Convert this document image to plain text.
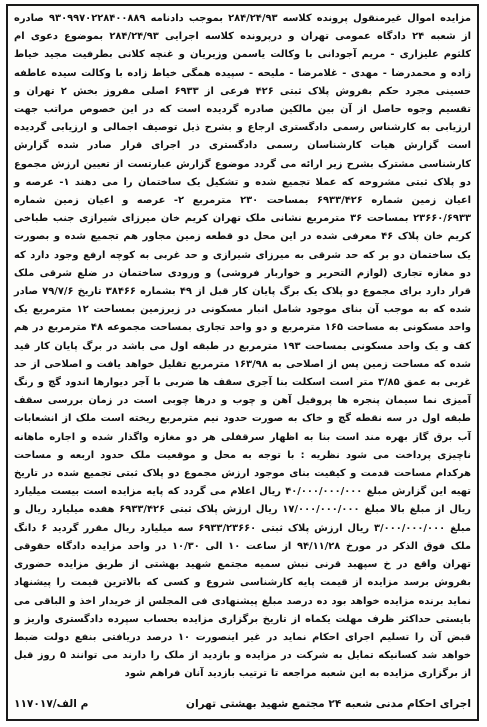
مزایده اموال غیرمنقول پرونده کلاسه ۲۸۴/۲۴/۹۳ بموجب دادنامه ۹۳۰۹۹۷۰۲۲۸۴۰۰۸۸۹ صادره از شعبه ۲۴ دادگاه عمومی تهران و درپرونده کلاسه اجرایی ۲۸۴/۲۴/۹۳ بموضوع دعوی ام کلثوم علیزاری - مریم آجودانی با وکالت یاسمن وزیریان و غنچه کلانی بطرفیت مجید خیاط زاده و محمدرضا - مهدی - غلامرضا - ملیحه - سپیده همگی خیاط زاده با وکالت سیده عاطفه حسینی مجرد حکم بفروش پلاک ثبتی ۴۲۶ فرعی از ۶۹۳۳ اصلی مفروز بخش ۲ تهران و تقسیم وجوه حاصل از آن بین مالکین صادره گردیده است که در این خصوص مراتب جهت ارزیابی به کارشناس رسمی دادگستری ارجاع و بشرح ذیل توصیف اجمالی و ارزیابی گردیده است گزارش هیات کارشناسان رسمی دادگستری در اجرای قرار صادر شده گزارش کارشناسی مشترک بشرح زیر ارائه می گردد موضوع گزارش عبارتست از تعیین ارزش مجموع دو پلاک ثبتی مشروحه که عملا تجمیع شده و تشکیل یک ساختمان را می دهند ۱- عرصه و اعیان زمین شماره ۶۹۳۳/۴۲۶ بمساحت ۲۳۰ مترمربع ۲- عرصه و اعیان زمین شماره ۲۳۶۶۰/۶۹۳۳ بمساحت ۳۶ مترمربع نشانی ملک تهران کریم خان میرزای شیرازی جنب طباخی کریم خان پلاک ۴۶ معرفی شده در این محل دو قطعه زمین مجاور هم تجمیع شده و بصورت یک ساختمان دو بر که حد شرقی به میرزای شیرازی و حد غربی به کوچه ارفع وجود دارد که دو مغازه تجاری (لوازم التحریر و خواربار فروشی) و ورودی ساختمان در ضلع شرقی ملک قرار دارد برای مجموع دو پلاک یک برگ پایان کار قبل از ۴۹ بشماره ۳۸۴۶۶ تاریخ ۷۹/۷/۶ صادر شده که به موجب آن بنای موجود شامل انبار مسکونی در زیرزمین بمساحت ۱۲ مترمربع یک واحد مسکونی به مساحت ۱۶۵ مترمربع و دو واحد تجاری بمساحت مجموعه ۴۸ مترمربع در هم کف و یک واحد مسکونی بمساحت ۱۹۳ مترمربع در طبقه اول می باشد در برگ پایان کار قید شده که مساحت زمین پس از اصلاحی به ۱۶۳/۹۸ مترمربع تقلیل خواهد یافت و اصلاحی از حد غربی به عمق ۳/۸۵ متر است اسکلت بنا آجری سقف ها ضربی با آجر دیوارها اندود گچ و رنگ آمیزی نما سیمان پنجره ها پروفیل آهن و چوب و درها چوبی است در زمان بررسی سقف طبقه اول در سه نقطه گچ و خاک به صورت حدود نیم مترمربع ریخته است ملک از انشعابات آب برق گاز بهره مند است بنا به اظهار سرقفلی هر دو مغازه واگذار شده و اجاره ماهانه ناچیزی پرداخت می شود نظریه : با توجه به محل و موقعیت ملک حدود اربعه و مساحت هرکدام مساحت قدمت و کیفیت بنای موجود ارزش مجموع دو پلاک ثبتی تجمیع شده در تاریخ تهیه این گزارش مبلغ ۴۰/۰۰۰/۰۰۰/۰۰۰ ریال اعلام می گردد که پایه مزایده است بیست میلیارد ریال از مبلغ بالا مبلغ ۱۷/۰۰۰/۰۰۰/۰۰۰ ریال ارزش پلاک ثبتی ۶۹۳۳/۴۲۶ هفده میلیارد ریال و مبلغ ۳/۰۰۰/۰۰۰/۰۰۰ ریال ارزش پلاک ثبتی ۶۹۳۳/۲۳۶۶۰ سه میلیارد ریال مقرر گردید ۶ دانگ ملک فوق الذکر در مورخ ۹۴/۱۱/۲۸ از ساعت ۱۰ الی ۱۰/۳۰ در واحد مزایده دادگاه حقوقی تهران واقع در خ سپهبد قرنی نبش سمیه مجتمع شهید بهشتی از طریق مزایده حضوری بفروش برسد مزایده از قیمت پایه کارشناسی شروع و کسی که بالاترین قیمت را پیشنهاد نماید برنده مزایده خواهد بود ده درصد مبلغ پیشنهادی فی المجلس از خریدار اخذ و الباقی می بایستی حداکثر ظرف مهلت یکماه از تاریخ برگزاری مزایده بحساب سپرده دادگستری واریز و قبض آن را تسلیم اجرای احکام نماید در غیر اینصورت ۱۰ درصد دریافتی بنفع دولت ضبط خواهد شد کسانیکه تمایل به شرکت در مزایده و بازدید از ملک را دارند می توانند ۵ روز قبل از برگزاری مزایده به این شعبه مراجعه تا ترتیب بازدید آنان فراهم شود

اجرای احکام مدنی شعبه ۲۴ مجتمع شهید بهشتی تهران
۱۱۷۰۱۷/م الف
